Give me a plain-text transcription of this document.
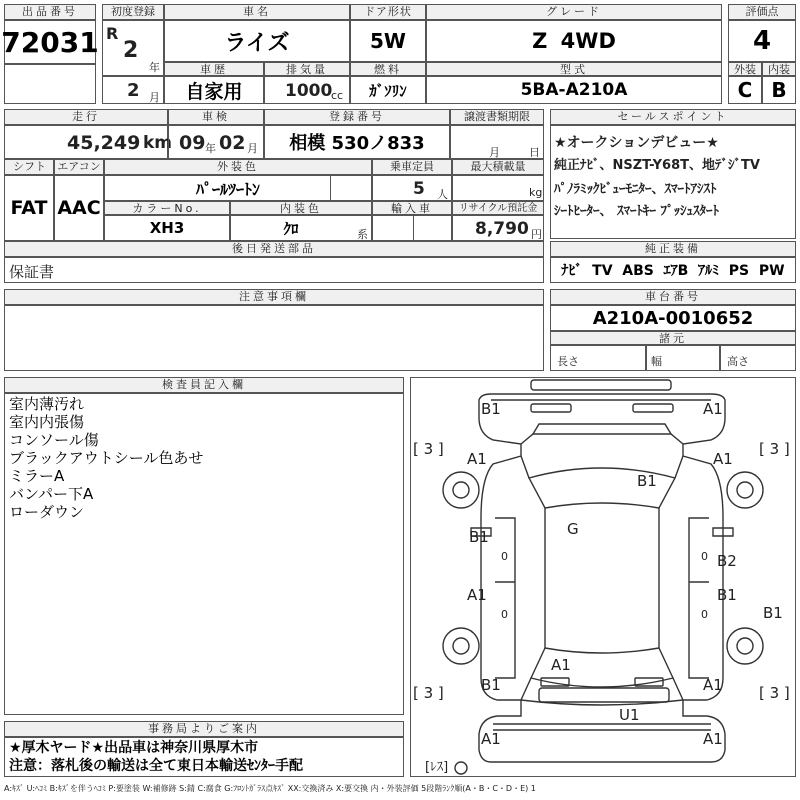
出品番号
72031
初度登録
R
2
年
2 月
車名
ライズ
車歴
自家用
排気量
1000
cc
ドア形状
5W
燃料
ｶﾞｿﾘﾝ
グレード
Z 4WD
型式
5BA-A210A
評価点
4
外装	内装
C B
走行
45,249 km
車検
09 年 02 月
登録番号
相模 530ノ833
譲渡書類期限
月	日
セールスポイント
★オークションデビュー★
純正ﾅﾋﾞ、NSZT-Y68T、地ﾃﾞｼﾞTV
ﾊﾟﾉﾗﾐｯｸﾋﾞｭｰﾓﾆﾀｰ、ｽﾏｰﾄｱｼｽﾄ
ｼｰﾄﾋｰﾀｰ、 ｽﾏｰﾄｷｰ ﾌﾟｯｼｭｽﾀｰﾄ
シフト	エアコン
FAT AAC
外装色
ﾊﾟｰﾙﾂｰﾄﾝ
乗車定員
5 人
最大積載量
kg
カラーNo.
XH3
内装色
ｸﾛ	系
輸入車	リサイクル預託金
8,790 円
後日発送部品
保証書
純正装備
ﾅﾋﾞ  TV  ABS  ｴｱB  ｱﾙﾐ  PS  PW
注意事項欄	車台番号
A210A-0010652
諸元
長さ	幅	高さ
検査員記入欄
室内薄汚れ
室内内張傷
コンソール傷
ブラックアウトシール色あせ
ミラーA
バンパー下A
ローダウン
事務局よりご案内
★厚木ヤード★出品車は神奈川県厚木市
注意：落札後の輸送は全て東日本輸送ｾﾝﾀｰ手配
B1	A1
[ 3 ]	[ 3 ]
A1	A1
B1
B1	G
B2
0	0
A1	B1
B1
0	0
A1
B1	A1
[ 3 ]	[ 3 ]
U1
A1	A1
[ﾚｽ]
A:ｷｽﾞ U:ﾍｺﾐ B:ｷｽﾞを伴うﾍｺﾐ P:要塗装 W:補修跡 S:錆 C:腐食 G:ﾌﾛﾝﾄｶﾞﾗｽ点ｷｽﾞ XX:交換済み X:要交換 内・外装評価 5段階ﾗﾝｸ順(A・B・C・D・E) 1
